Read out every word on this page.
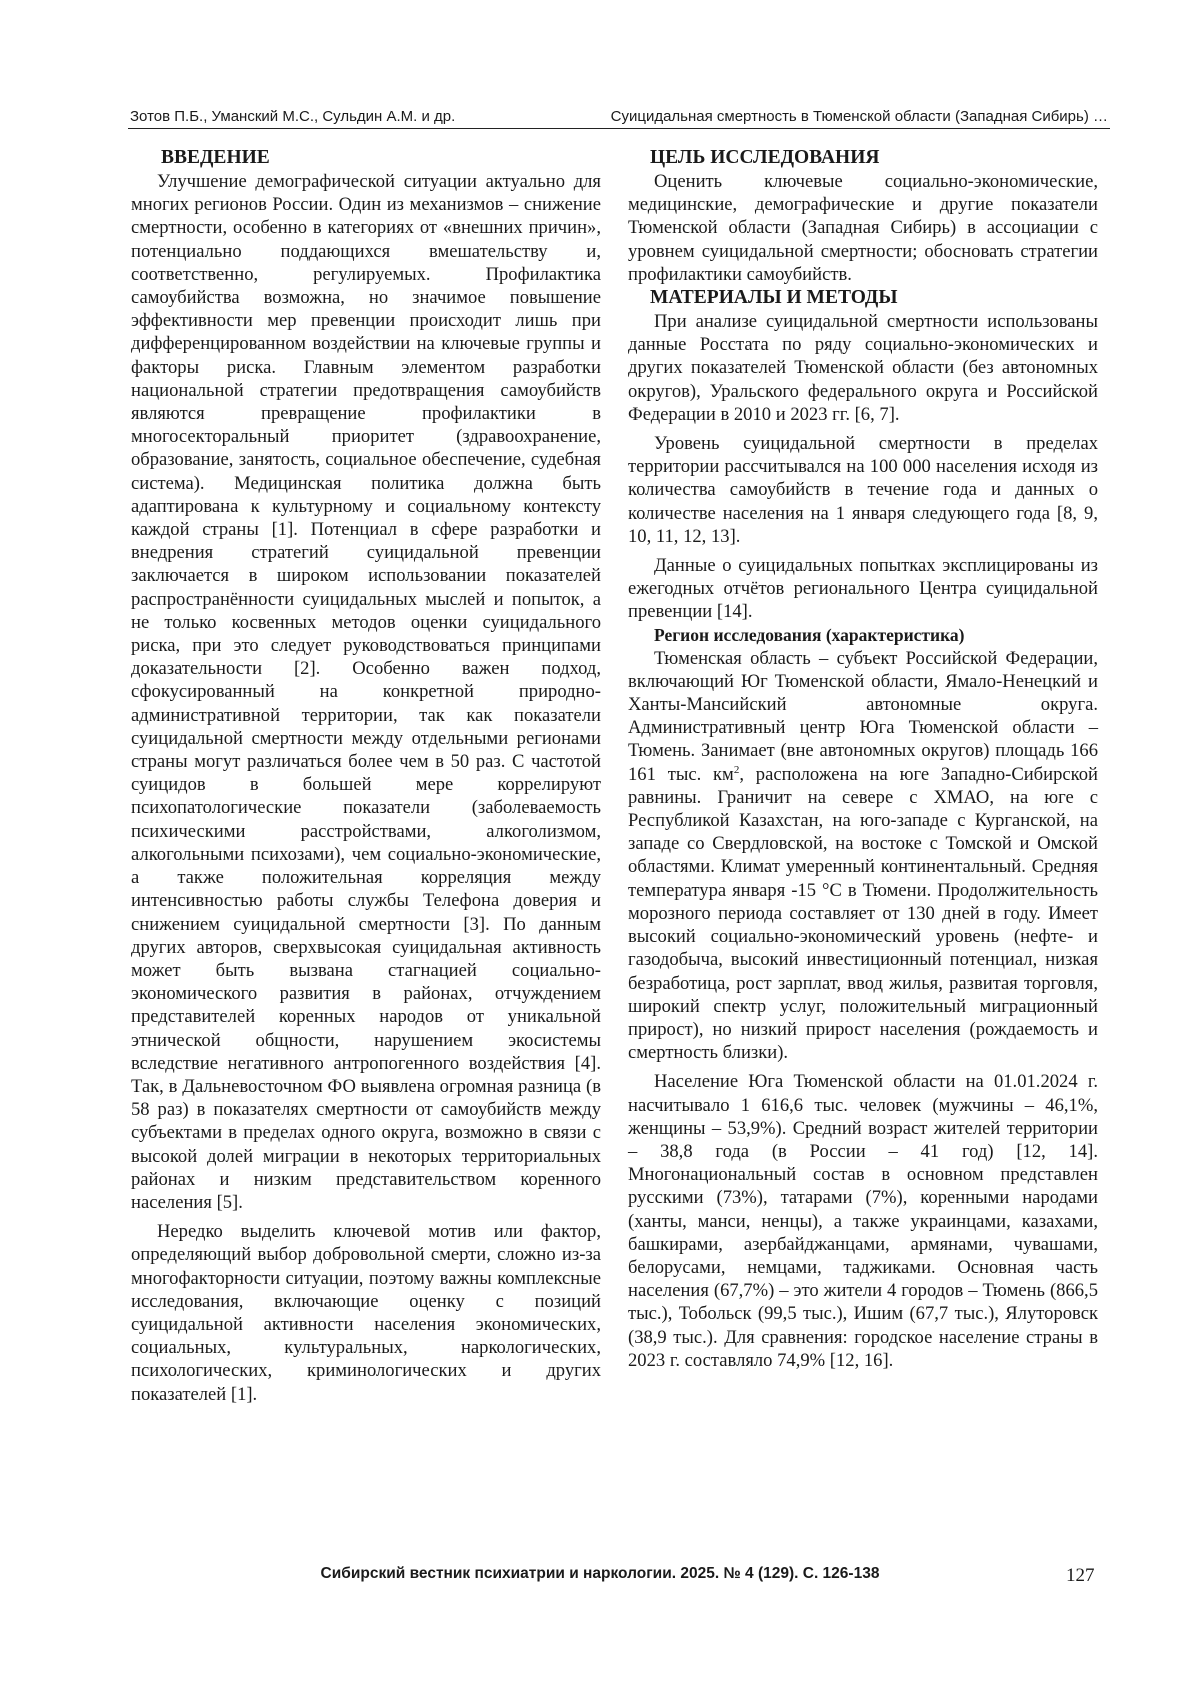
Зотов П.Б., Уманский М.С., Сульдин А.М. и др.	Суицидальная смертность в Тюменской области (Западная Сибирь) …
ВВЕДЕНИЕ

Улучшение демографической ситуации актуально для многих регионов России. Один из механизмов – снижение смертности, особенно в категориях от «внешних причин», потенциально поддающихся вмешательству и, соответственно, регулируемых. Профилактика самоубийства возможна, но значимое повышение эффективности мер превенции происходит лишь при дифференцированном воздействии на ключевые группы и факторы риска. Главным элементом разработки национальной стратегии предотвращения самоубийств являются превращение профилактики в многосекторальный приоритет (здравоохранение, образование, занятость, социальное обеспечение, судебная система). Медицинская политика должна быть адаптирована к культурному и социальному контексту каждой страны [1]. Потенциал в сфере разработки и внедрения стратегий суицидальной превенции заключается в широком использовании показателей распространённости суицидальных мыслей и попыток, а не только косвенных методов оценки суицидального риска, при это следует руководствоваться принципами доказательности [2]. Особенно важен подход, сфокусированный на конкретной природно-административной территории, так как показатели суицидальной смертности между отдельными регионами страны могут различаться более чем в 50 раз. С частотой суицидов в большей мере коррелируют психопатологические показатели (заболеваемость психическими расстройствами, алкоголизмом, алкогольными психозами), чем социально-экономические, а также положительная корреляция между интенсивностью работы службы Телефона доверия и снижением суицидальной смертности [3]. По данным других авторов, сверхвысокая суицидальная активность может быть вызвана стагнацией социально-экономического развития в районах, отчуждением представителей коренных народов от уникальной этнической общности, нарушением экосистемы вследствие негативного антропогенного воздействия [4]. Так, в Дальневосточном ФО выявлена огромная разница (в 58 раз) в показателях смертности от самоубийств между субъектами в пределах одного округа, возможно в связи с высокой долей миграции в некоторых территориальных районах и низким представительством коренного населения [5].

Нередко выделить ключевой мотив или фактор, определяющий выбор добровольной смерти, сложно из-за многофакторности ситуации, поэтому важны комплексные исследования, включающие оценку с позиций суицидальной активности населения экономических, социальных, культуральных, наркологических, психологических, криминологических и других показателей [1].

ЦЕЛЬ ИССЛЕДОВАНИЯ

Оценить ключевые социально-экономические, медицинские, демографические и другие показатели Тюменской области (Западная Сибирь) в ассоциации с уровнем суицидальной смертности; обосновать стратегии профилактики самоубийств.

МАТЕРИАЛЫ И МЕТОДЫ

При анализе суицидальной смертности использованы данные Росстата по ряду социально-экономических и других показателей Тюменской области (без автономных округов), Уральского федерального округа и Российской Федерации в 2010 и 2023 гг. [6, 7].

Уровень суицидальной смертности в пределах территории рассчитывался на 100 000 населения исходя из количества самоубийств в течение года и данных о количестве населения на 1 января следующего года [8, 9, 10, 11, 12, 13].

Данные о суицидальных попытках эксплицированы из ежегодных отчётов регионального Центра суицидальной превенции [14].

Регион исследования (характеристика)

Тюменская область – субъект Российской Федерации, включающий Юг Тюменской области, Ямало-Ненецкий и Ханты-Мансийский автономные округа. Административный центр Юга Тюменской области – Тюмень. Занимает (вне автономных округов) площадь 166 161 тыс. $км^2$, расположена на юге Западно-Сибирской равнины. Граничит на севере с ХМАО, на юге с Республикой Казахстан, на юго-западе с Курганской, на западе со Свердловской, на востоке с Томской и Омской областями. Климат умеренный континентальный. Средняя температура января -15 °C в Тюмени. Продолжительность морозного периода составляет от 130 дней в году. Имеет высокий социально-экономический уровень (нефте- и газодобыча, высокий инвестиционный потенциал, низкая безработица, рост зарплат, ввод жилья, развитая торговля, широкий спектр услуг, положительный миграционный прирост), но низкий прирост населения (рождаемость и смертность близки).

Население Юга Тюменской области на 01.01.2024 г. насчитывало 1 616,6 тыс. человек (мужчины – 46,1%, женщины – 53,9%). Средний возраст жителей территории – 38,8 года (в России – 41 год) [12, 14]. Многонациональный состав в основном представлен русскими (73%), татарами (7%), коренными народами (ханты, манси, ненцы), а также украинцами, казахами, башкирами, азербайджанцами, армянами, чувашами, белорусами, немцами, таджиками. Основная часть населения (67,7%) – это жители 4 городов – Тюмень (866,5 тыс.), Тобольск (99,5 тыс.), Ишим (67,7 тыс.), Ялуторовск (38,9 тыс.). Для сравнения: городское население страны в 2023 г. составляло 74,9% [12, 16].

Сибирский вестник психиатрии и наркологии. 2025. № 4 (129). С. 126-138	127
